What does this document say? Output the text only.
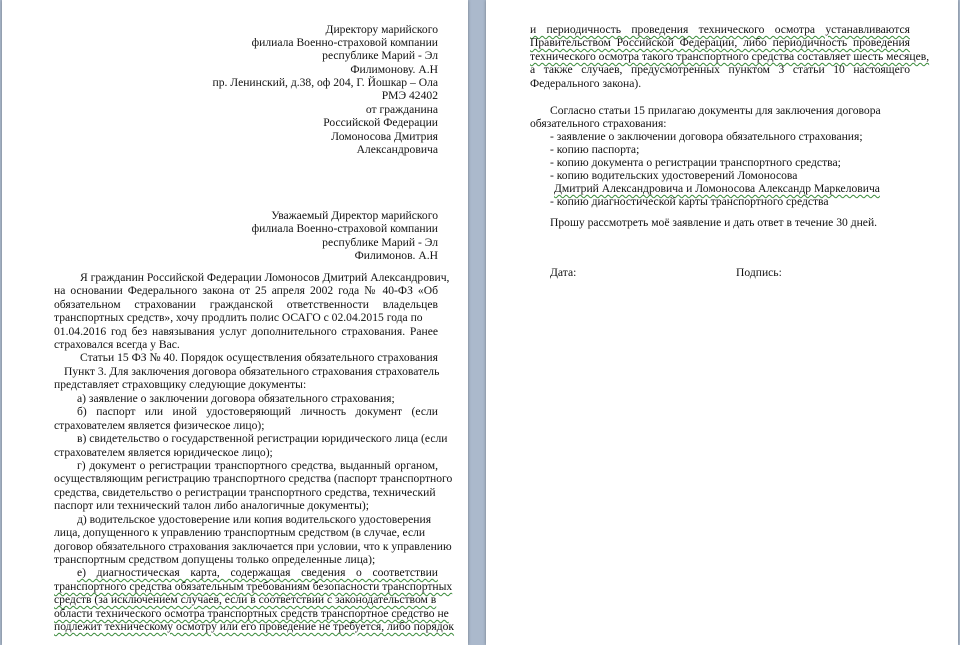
Директору марийского
филиала Военно-страховой компании
республике Марий - Эл
Филимонову. А.Н
пр. Ленинский, д.38, оф 204, Г. Йошкар – Ола
РМЭ 42402
от гражданина
Российской Федерации
Ломоносова Дмитрия
Александровича
Уважаемый Директор марийского
филиала Военно-страховой компании
республике Марий - Эл
Филимонов. А.Н
Я гражданин Российской Федерации Ломоносов Дмитрий Александрович,
на основании Федерального закона от 25 апреля 2002 года № 40-ФЗ «Об
обязательном страховании гражданской ответственности владельцев
транспортных средств», хочу продлить полис ОСАГО с 02.04.2015 года по
01.04.2016 год без навязывания услуг дополнительного страхования. Ранее
страховался всегда у Вас.
Статьи 15 ФЗ № 40. Порядок осуществления обязательного страхования
Пункт 3. Для заключения договора обязательного страхования страхователь
представляет страховщику следующие документы:
а) заявление о заключении договора обязательного страхования;
б) паспорт или иной удостоверяющий личность документ (если
страхователем является физическое лицо);
в) свидетельство о государственной регистрации юридического лица (если
страхователем является юридическое лицо);
г) документ о регистрации транспортного средства, выданный органом,
осуществляющим регистрацию транспортного средства (паспорт транспортного
средства, свидетельство о регистрации транспортного средства, технический
паспорт или технический талон либо аналогичные документы);
д) водительское удостоверение или копия водительского удостоверения
лица, допущенного к управлению транспортным средством (в случае, если
договор обязательного страхования заключается при условии, что к управлению
транспортным средством допущены только определенные лица);
е) диагностическая карта, содержащая сведения о соответствии
транспортного средства обязательным требованиям безопасности транспортных
средств (за исключением случаев, если в соответствии с законодательством в
области технического осмотра транспортных средств транспортное средство не
подлежит техническому осмотру или его проведение не требуется, либо порядок
и периодичность проведения технического осмотра устанавливаются
Правительством Российской Федерации, либо периодичность проведения
технического осмотра такого транспортного средства составляет шесть месяцев,
а также случаев, предусмотренных пунктом 3 статьи 10 настоящего
Федерального закона).
Согласно статьи 15 прилагаю документы для заключения договора
обязательного страхования:
- заявление о заключении договора обязательного страхования;
- копию паспорта;
- копию документа о регистрации транспортного средства;
- копию водительских удостоверений Ломоносова
Дмитрий Александровича и Ломоносова Александр Маркеловича
- копию диагностической карты транспортного средства
Прошу рассмотреть моё заявление и дать ответ в течение 30 дней.
Дата:	Подпись:
